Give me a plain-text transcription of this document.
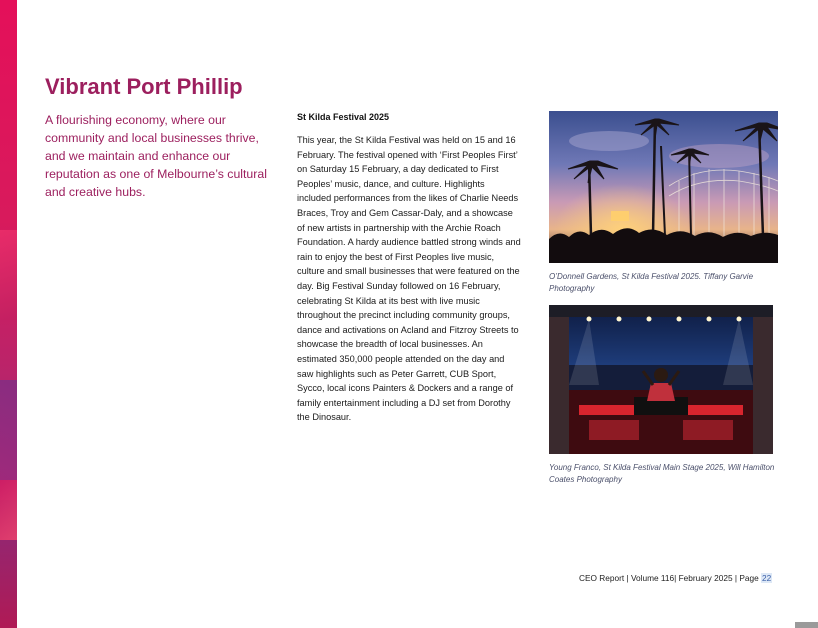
Vibrant Port Phillip

A flourishing economy, where our community and local businesses thrive, and we maintain and enhance our reputation as one of Melbourne’s cultural and creative hubs.

St Kilda Festival 2025

This year, the St Kilda Festival was held on 15 and 16 February. The festival opened with ‘First Peoples First’ on Saturday 15 February, a day dedicated to First Peoples’ music, dance, and culture. Highlights included performances from the likes of Charlie Needs Braces, Troy and Gem Cassar-Daly, and a showcase of new artists in partnership with the Archie Roach Foundation. A hardy audience battled strong winds and rain to enjoy the best of First Peoples live music, culture and small businesses that were featured on the day. Big Festival Sunday followed on 16 February, celebrating St Kilda at its best with live music throughout the precinct including community groups, dance and activations on Acland and Fitzroy Streets to showcase the breadth of local businesses. An estimated 350,000 people attended on the day and saw highlights such as Peter Garrett, CUB Sport, Sycco, local icons Painters & Dockers and a range of family entertainment including a DJ set from Dorothy the Dinosaur.

O’Donnell Gardens, St Kilda Festival 2025. Tiffany Garvie Photography

Young Franco, St Kilda Festival Main Stage 2025, Will Hamilton Coates Photography

CEO Report | Volume 116| February 2025 | Page 22
